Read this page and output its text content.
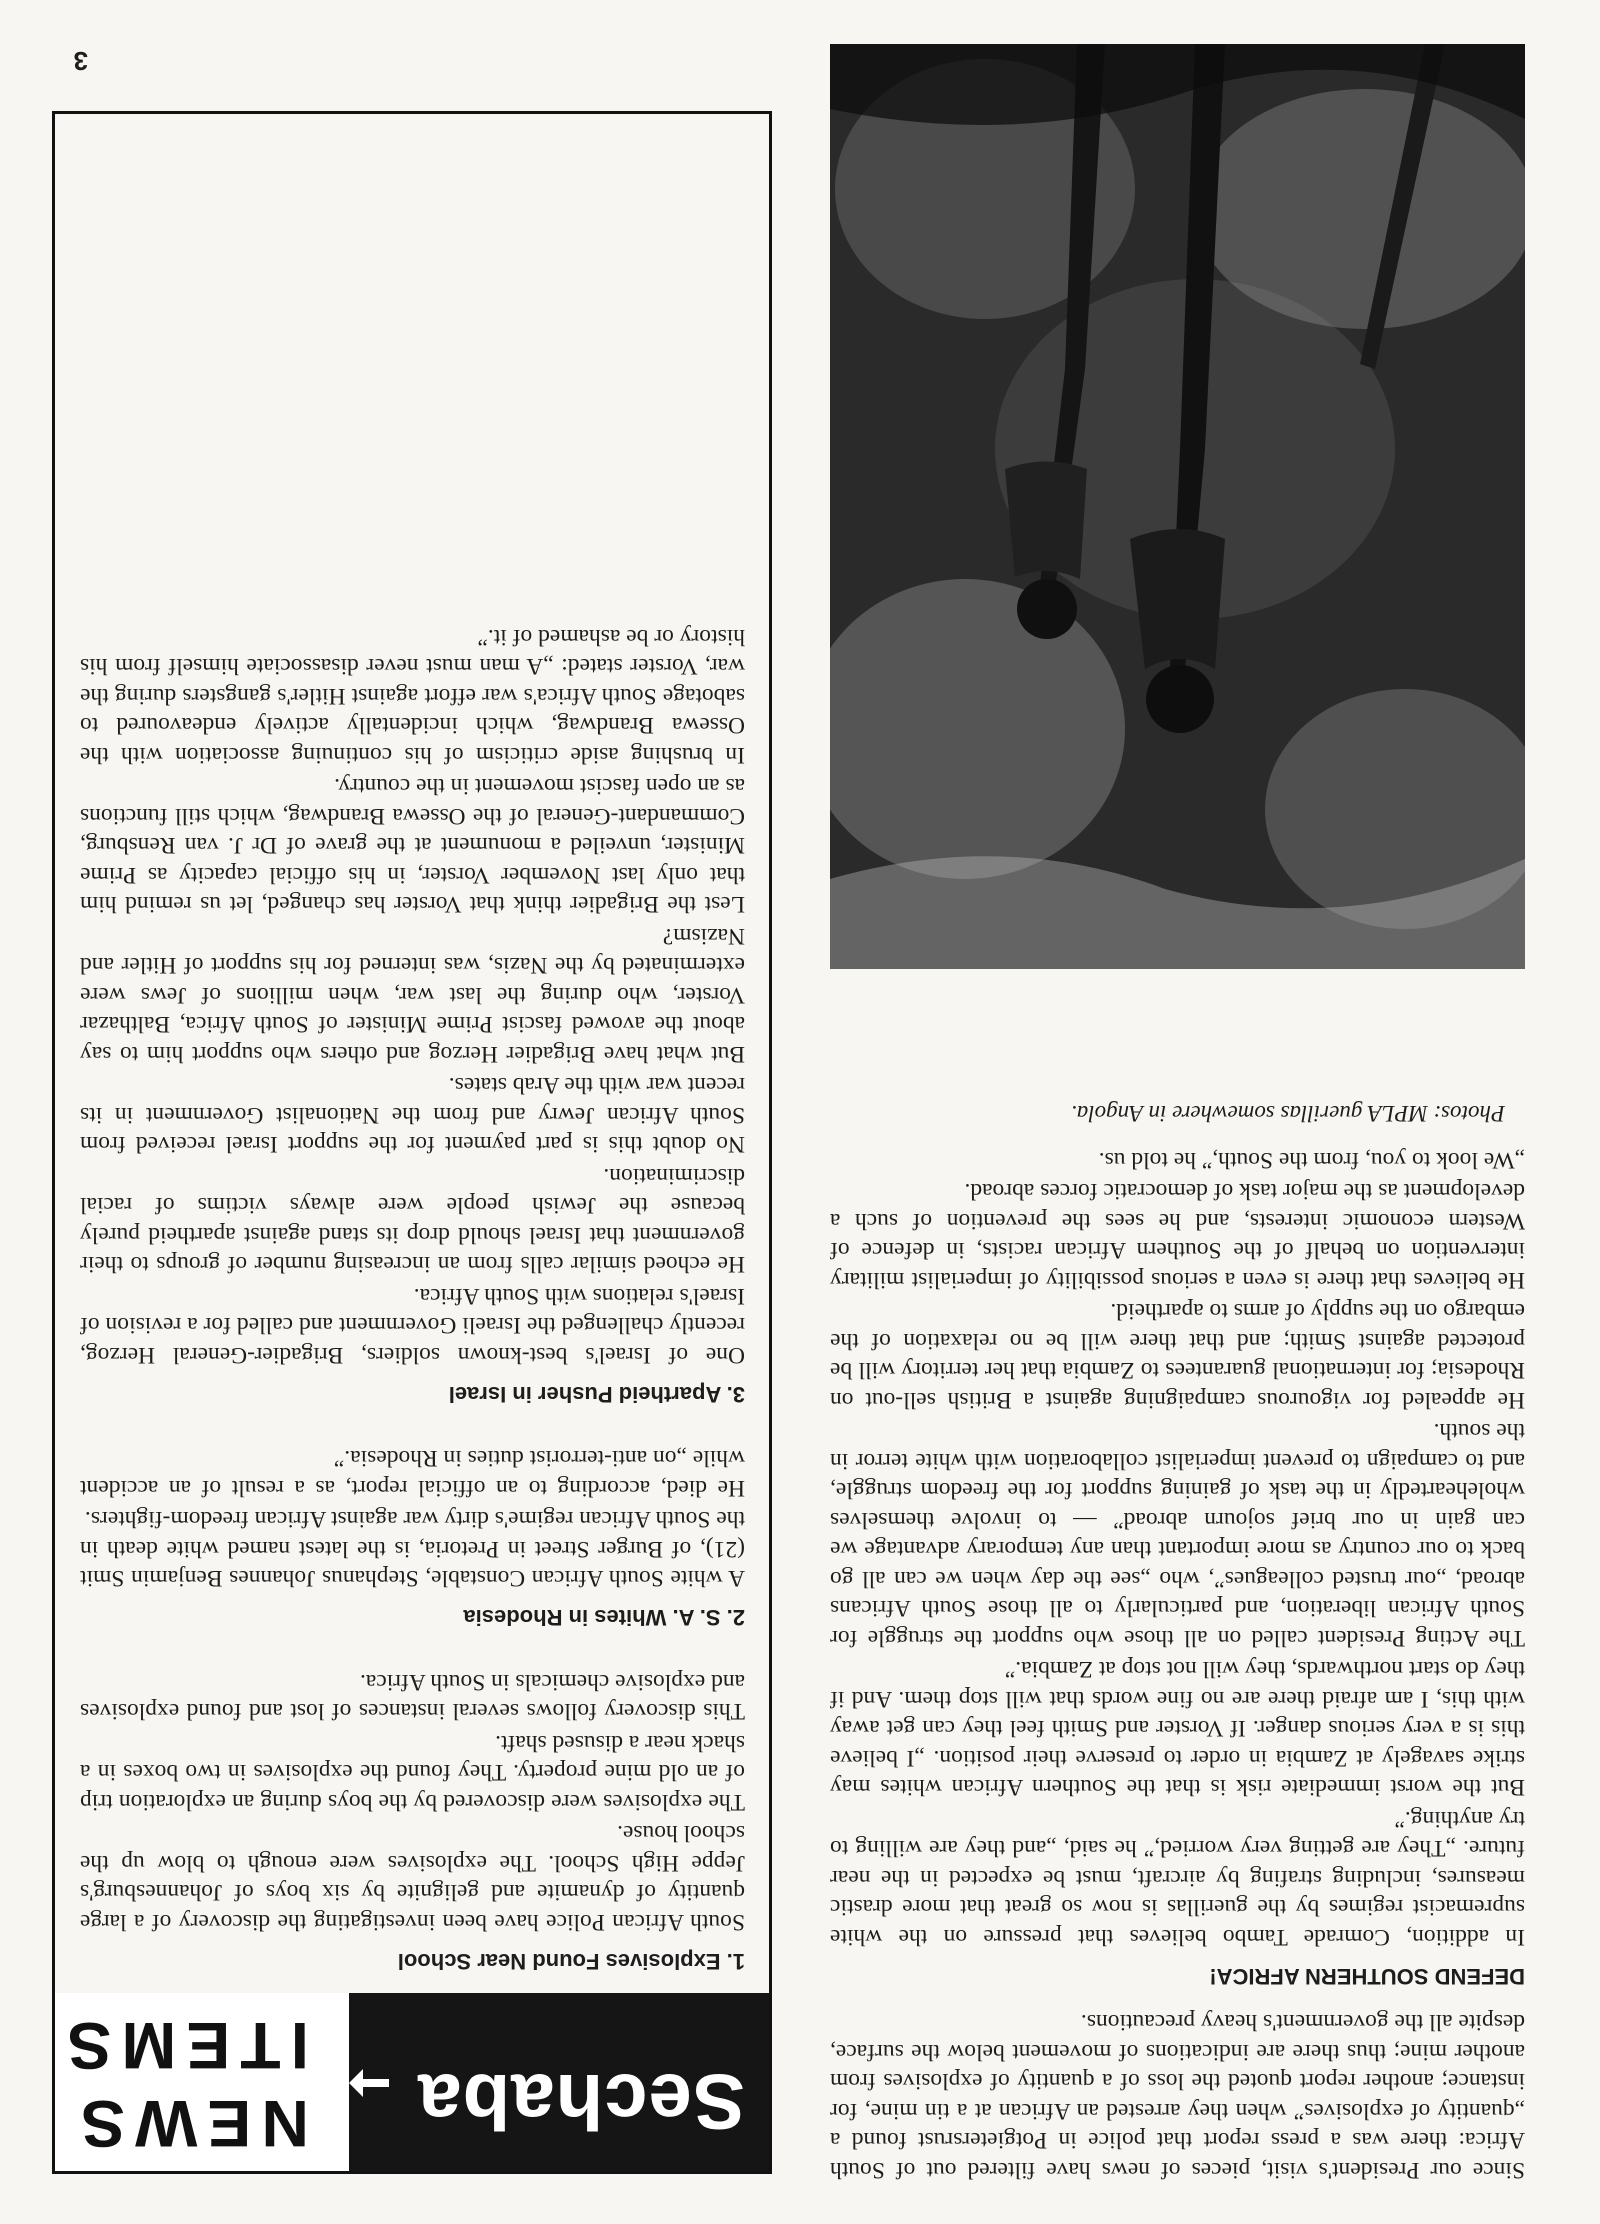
Since our President's visit, pieces of news have filtered out of South Africa: there was a press report that police in Potgietersrust found a „quantity of explosives” when they arrested an African at a tin mine, for instance; another report quoted the loss of a quantity of explosives from another mine; thus there are indications of movement below the surface, despite all the government's heavy precautions.

DEFEND SOUTHERN AFRICA!

In addition, Comrade Tambo believes that pressure on the white supremacist regimes by the guerillas is now so great that more drastic measures, including strafing by aircraft, must be expected in the near future. „They are getting very worried,” he said, „and they are willing to try anything.”

But the worst immediate risk is that the Southern African whites may strike savagely at Zambia in order to preserve their position. „I believe this is a very serious danger. If Vorster and Smith feel they can get away with this, I am afraid there are no fine words that will stop them. And if they do start northwards, they will not stop at Zambia.”

The Acting President called on all those who support the struggle for South African liberation, and particularly to all those South Africans abroad, „our trusted colleagues”, who „see the day when we can all go back to our country as more important than any temporary advantage we can gain in our brief sojourn abroad” — to involve themselves wholeheartedly in the task of gaining support for the freedom struggle, and to campaign to prevent imperialist collaboration with white terror in the south.

He appealed for vigourous campaigning against a British sell-out on Rhodesia; for international guarantees to Zambia that her territory will be protected against Smith; and that there will be no relaxation of the embargo on the supply of arms to apartheid.

He believes that there is even a serious possibility of imperialist military intervention on behalf of the Southern African racists, in defence of Western economic interests, and he sees the prevention of such a development as the major task of democratic forces abroad.

„We look to you, from the South,” he told us.

Photos: MPLA guerillas somewhere in Angola.

Sechaba
NEWS
ITEMS

1. Explosives Found Near School

South African Police have been investigating the discovery of a large quantity of dynamite and gelignite by six boys of Johannesburg's Jeppe High School. The explosives were enough to blow up the school house.

The explosives were discovered by the boys during an exploration trip of an old mine property. They found the explosives in two boxes in a shack near a disused shaft.

This discovery follows several instances of lost and found explosives and explosive chemicals in South Africa.

2. S. A. Whites in Rhodesia

A white South African Constable, Stephanus Johannes Benjamin Smit (21), of Burger Street in Pretoria, is the latest named white death in the South African regime's dirty war against African freedom-fighters.

He died, according to an official report, as a result of an accident while „on anti-terrorist duties in Rhodesia.”

3. Apartheid Pusher in Israel

One of Israel's best-known soldiers, Brigadier-General Herzog, recently challenged the Israeli Government and called for a revision of Israel's relations with South Africa.

He echoed similar calls from an increasing number of groups to their government that Israel should drop its stand against apartheid purely because the Jewish people were always victims of racial discrimination.

No doubt this is part payment for the support Israel received from South African Jewry and from the Nationalist Government in its recent war with the Arab states.

But what have Brigadier Herzog and others who support him to say about the avowed fascist Prime Minister of South Africa, Balthazar Vorster, who during the last war, when millions of Jews were exterminated by the Nazis, was interned for his support of Hitler and Nazism?

Lest the Brigadier think that Vorster has changed, let us remind him that only last November Vorster, in his official capacity as Prime Minister, unveiled a monument at the grave of Dr J. van Rensburg, Commandant-General of the Ossewa Brandwag, which still functions as an open fascist movement in the country.

In brushing aside criticism of his continuing association with the Ossewa Brandwag, which incidentally actively endeavoured to sabotage South Africa's war effort against Hitler's gangsters during the war, Vorster stated: „A man must never disassociate himself from his history or be ashamed of it.”

3
